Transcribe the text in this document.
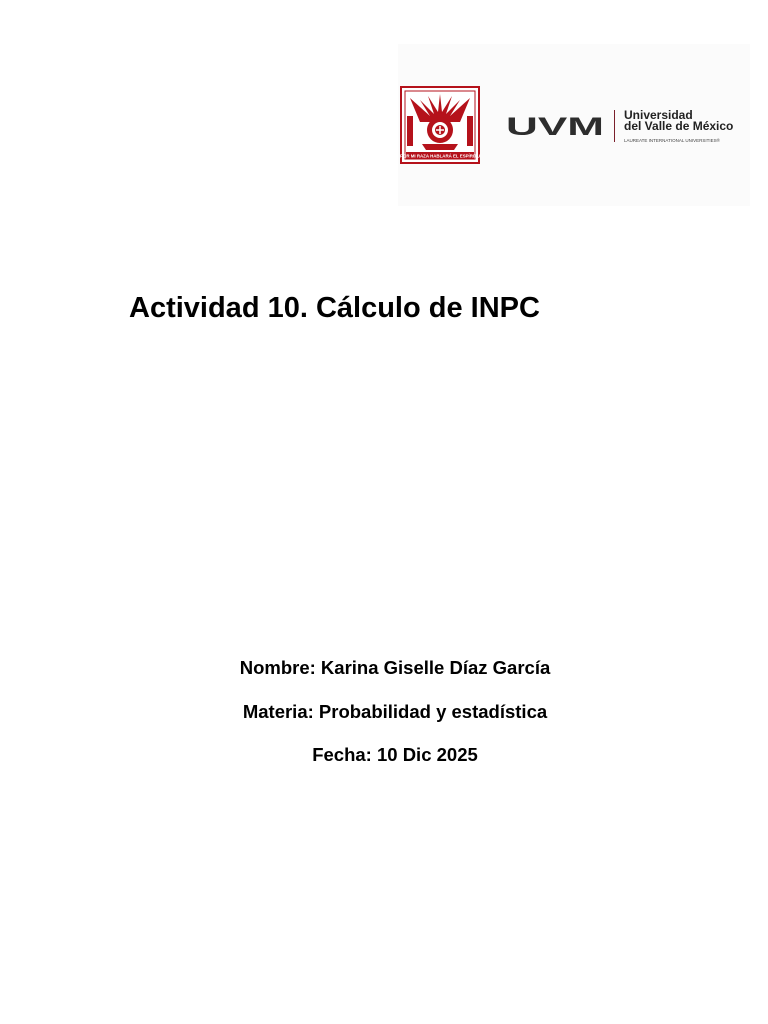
POR MI RAZA HABLARÁ EL ESPÍRITU
UVM Universidad
del Valle de México
LAUREATE INTERNATIONAL UNIVERSITIES®
Actividad 10. Cálculo de INPC
Nombre: Karina Giselle Díaz García
Materia: Probabilidad y estadística
Fecha: 10 Dic 2025
